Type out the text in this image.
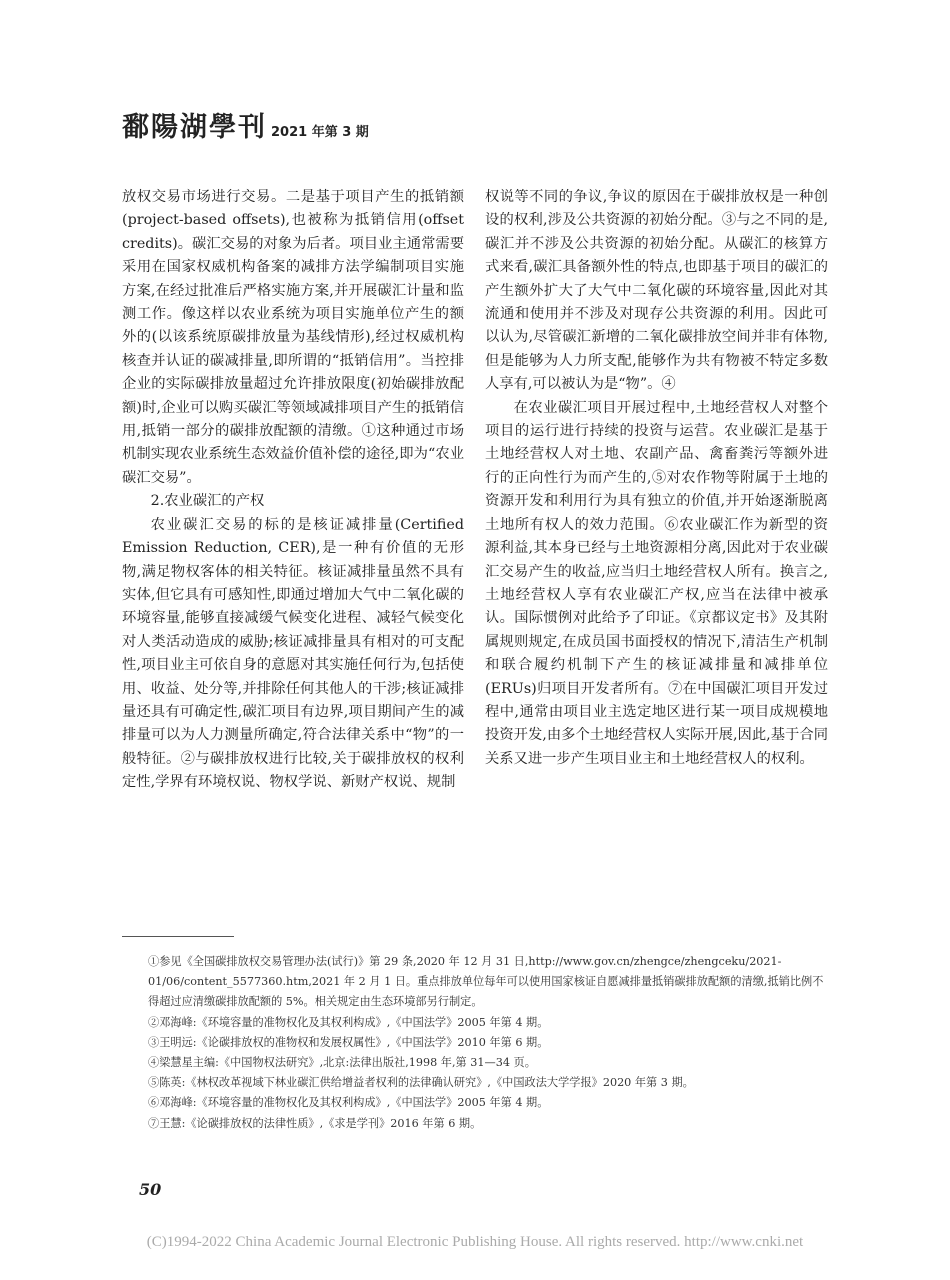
鄱陽湖學刊 2021 年第 3 期

放权交易市场进行交易。二是基于项目产生的抵销额(project-based offsets),也被称为抵销信用(offset credits)。碳汇交易的对象为后者。项目业主通常需要采用在国家权威机构备案的减排方法学编制项目实施方案,在经过批准后严格实施方案,并开展碳汇计量和监测工作。像这样以农业系统为项目实施单位产生的额外的(以该系统原碳排放量为基线情形),经过权威机构核查并认证的碳减排量,即所谓的“抵销信用”。当控排企业的实际碳排放量超过允许排放限度(初始碳排放配额)时,企业可以购买碳汇等领域减排项目产生的抵销信用,抵销一部分的碳排放配额的清缴。①这种通过市场机制实现农业系统生态效益价值补偿的途径,即为“农业碳汇交易”。

2.农业碳汇的产权

农业碳汇交易的标的是核证减排量(Certified Emission Reduction, CER),是一种有价值的无形物,满足物权客体的相关特征。核证减排量虽然不具有实体,但它具有可感知性,即通过增加大气中二氧化碳的环境容量,能够直接减缓气候变化进程、减轻气候变化对人类活动造成的威胁;核证减排量具有相对的可支配性,项目业主可依自身的意愿对其实施任何行为,包括使用、收益、处分等,并排除任何其他人的干涉;核证减排量还具有可确定性,碳汇项目有边界,项目期间产生的减排量可以为人力测量所确定,符合法律关系中“物”的一般特征。②与碳排放权进行比较,关于碳排放权的权利定性,学界有环境权说、物权学说、新财产权说、规制

权说等不同的争议,争议的原因在于碳排放权是一种创设的权利,涉及公共资源的初始分配。③与之不同的是,碳汇并不涉及公共资源的初始分配。从碳汇的核算方式来看,碳汇具备额外性的特点,也即基于项目的碳汇的产生额外扩大了大气中二氧化碳的环境容量,因此对其流通和使用并不涉及对现存公共资源的利用。因此可以认为,尽管碳汇新增的二氧化碳排放空间并非有体物,但是能够为人力所支配,能够作为共有物被不特定多数人享有,可以被认为是“物”。④

在农业碳汇项目开展过程中,土地经营权人对整个项目的运行进行持续的投资与运营。农业碳汇是基于土地经营权人对土地、农副产品、禽畜粪污等额外进行的正向性行为而产生的,⑤对农作物等附属于土地的资源开发和利用行为具有独立的价值,并开始逐渐脱离土地所有权人的效力范围。⑥农业碳汇作为新型的资源利益,其本身已经与土地资源相分离,因此对于农业碳汇交易产生的收益,应当归土地经营权人所有。换言之,土地经营权人享有农业碳汇产权,应当在法律中被承认。国际惯例对此给予了印证。《京都议定书》及其附属规则规定,在成员国书面授权的情况下,清洁生产机制和联合履约机制下产生的核证减排量和减排单位(ERUs)归项目开发者所有。⑦在中国碳汇项目开发过程中,通常由项目业主选定地区进行某一项目成规模地投资开发,由多个土地经营权人实际开展,因此,基于合同关系又进一步产生项目业主和土地经营权人的权利。

①参见《全国碳排放权交易管理办法(试行)》第 29 条,2020 年 12 月 31 日,http://www.gov.cn/zhengce/zhengceku/2021-01/06/content_5577360.htm,2021 年 2 月 1 日。重点排放单位每年可以使用国家核证自愿减排量抵销碳排放配额的清缴,抵销比例不得超过应清缴碳排放配额的 5%。相关规定由生态环境部另行制定。

②邓海峰:《环境容量的准物权化及其权利构成》,《中国法学》2005 年第 4 期。

③王明远:《论碳排放权的准物权和发展权属性》,《中国法学》2010 年第 6 期。

④梁慧星主编:《中国物权法研究》,北京:法律出版社,1998 年,第 31—34 页。

⑤陈英:《林权改革视域下林业碳汇供给增益者权利的法律确认研究》,《中国政法大学学报》2020 年第 3 期。

⑥邓海峰:《环境容量的准物权化及其权利构成》,《中国法学》2005 年第 4 期。

⑦王慧:《论碳排放权的法律性质》,《求是学刊》2016 年第 6 期。

50
(C)1994-2022 China Academic Journal Electronic Publishing House. All rights reserved. http://www.cnki.net
